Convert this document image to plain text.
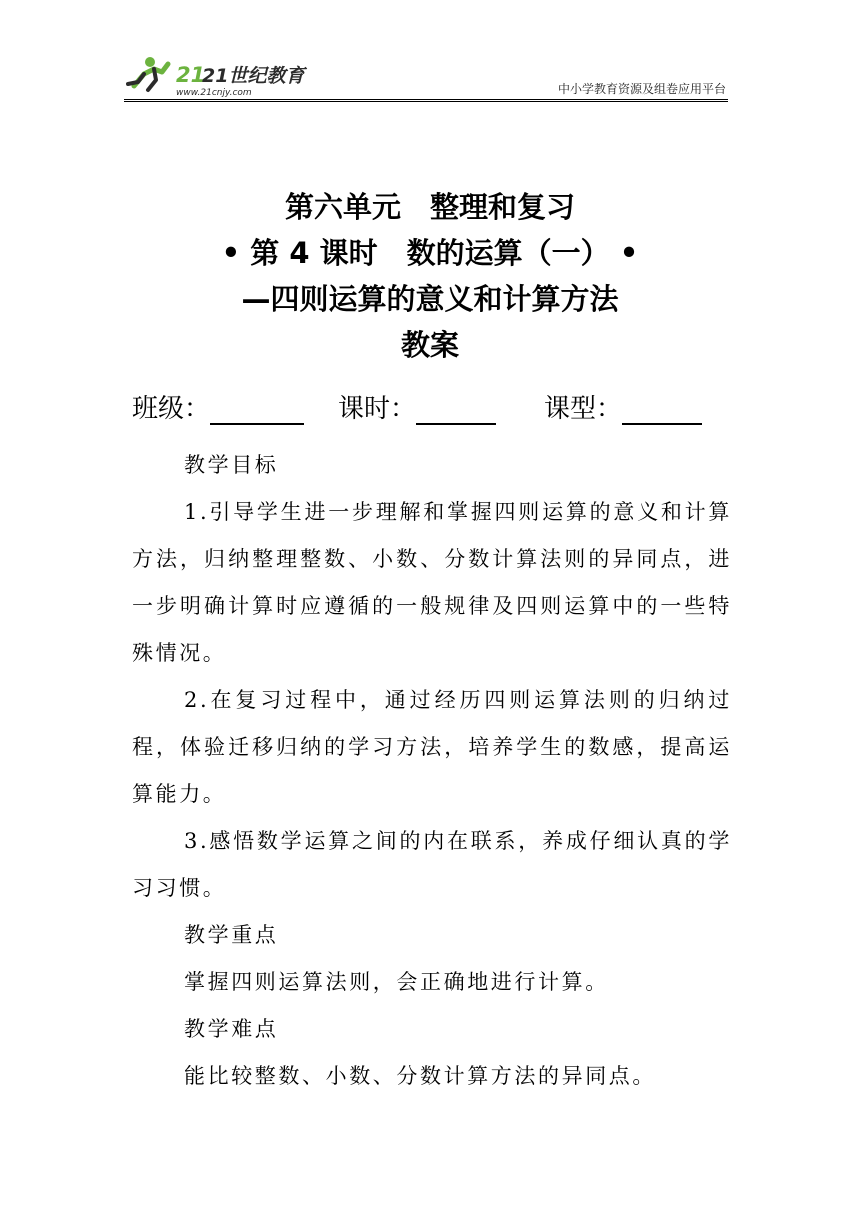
21
21世纪教育
www.21cnjy.com	中小学教育资源及组卷应用平台
第六单元　整理和复习
• 第 4 课时　数的运算（一） •
—四则运算的意义和计算方法
教案
班级：	课时：	课型：

教学目标

1.引导学生进一步理解和掌握四则运算的意义和计算方法，归纳整理整数、小数、分数计算法则的异同点，进一步明确计算时应遵循的一般规律及四则运算中的一些特殊情况。

2.在复习过程中，通过经历四则运算法则的归纳过程，体验迁移归纳的学习方法，培养学生的数感，提高运算能力。

3.感悟数学运算之间的内在联系，养成仔细认真的学习习惯。

教学重点

掌握四则运算法则，会正确地进行计算。

教学难点

能比较整数、小数、分数计算方法的异同点。
